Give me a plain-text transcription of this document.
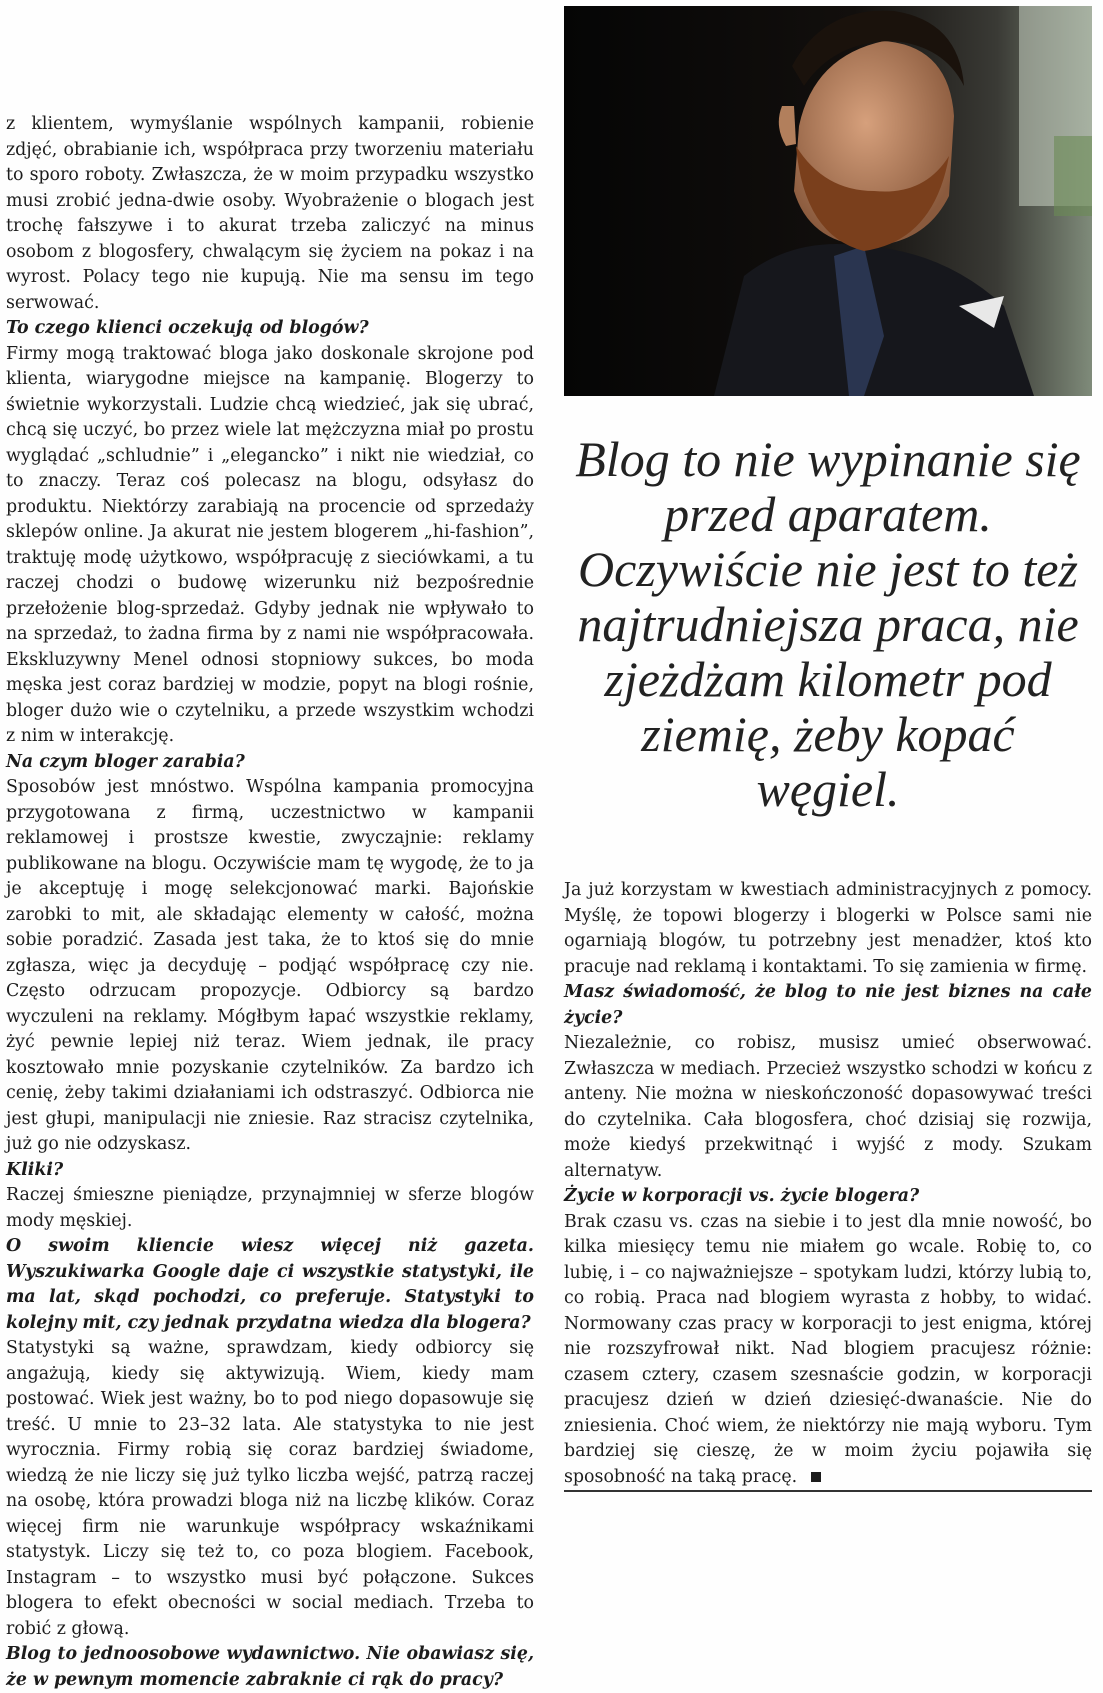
z klientem, wymyślanie wspólnych kampanii, robienie zdjęć, obrabianie ich, współpraca przy tworzeniu materiału to sporo roboty. Zwłaszcza, że w moim przypadku wszystko musi zrobić jedna-dwie osoby. Wyobrażenie o blogach jest trochę fałszywe i to akurat trzeba zaliczyć na minus osobom z blogosfery, chwalącym się życiem na pokaz i na wyrost. Polacy tego nie kupują. Nie ma sensu im tego serwować.

To czego klienci oczekują od blogów?

Firmy mogą traktować bloga jako doskonale skrojone pod klienta, wiarygodne miejsce na kampanię. Blogerzy to świetnie wykorzystali. Ludzie chcą wiedzieć, jak się ubrać, chcą się uczyć, bo przez wiele lat mężczyzna miał po prostu wyglądać „schludnie” i „elegancko” i nikt nie wiedział, co to znaczy. Teraz coś polecasz na blogu, odsyłasz do produktu. Niektórzy zarabiają na procencie od sprzedaży sklepów online. Ja akurat nie jestem blogerem „hi-fashion”, traktuję modę użytkowo, współpracuję z sieciówkami, a tu raczej chodzi o budowę wizerunku niż bezpośrednie przełożenie blog-sprzedaż. Gdyby jednak nie wpływało to na sprzedaż, to żadna firma by z nami nie współpracowała. Ekskluzywny Menel odnosi stopniowy sukces, bo moda męska jest coraz bardziej w modzie, popyt na blogi rośnie, bloger dużo wie o czytelniku, a przede wszystkim wchodzi z nim w interakcję.

Na czym bloger zarabia?

Sposobów jest mnóstwo. Wspólna kampania promocyjna przygotowana z firmą, uczestnictwo w kampanii reklamowej i prostsze kwestie, zwyczajnie: reklamy publikowane na blogu. Oczywiście mam tę wygodę, że to ja je akceptuję i mogę selekcjonować marki. Bajońskie zarobki to mit, ale składając elementy w całość, można sobie poradzić. Zasada jest taka, że to ktoś się do mnie zgłasza, więc ja decyduję – podjąć współpracę czy nie. Często odrzucam propozycje. Odbiorcy są bardzo wyczuleni na reklamy. Mógłbym łapać wszystkie reklamy, żyć pewnie lepiej niż teraz. Wiem jednak, ile pracy kosztowało mnie pozyskanie czytelników. Za bardzo ich cenię, żeby takimi działaniami ich odstraszyć. Odbiorca nie jest głupi, manipulacji nie zniesie. Raz stracisz czytelnika, już go nie odzyskasz.

Kliki?

Raczej śmieszne pieniądze, przynajmniej w sferze blogów mody męskiej.

O swoim kliencie wiesz więcej niż gazeta. Wyszukiwarka Google daje ci wszystkie statystyki, ile ma lat, skąd pochodzi, co preferuje. Statystyki to kolejny mit, czy jednak przydatna wiedza dla blogera?

Statystyki są ważne, sprawdzam, kiedy odbiorcy się angażują, kiedy się aktywizują. Wiem, kiedy mam postować. Wiek jest ważny, bo to pod niego dopasowuje się treść. U mnie to 23–32 lata. Ale statystyka to nie jest wyrocznia. Firmy robią się coraz bardziej świadome, wiedzą że nie liczy się już tylko liczba wejść, patrzą raczej na osobę, która prowadzi bloga niż na liczbę klików. Coraz więcej firm nie warunkuje współpracy wskaźnikami statystyk. Liczy się też to, co poza blogiem. Facebook, Instagram – to wszystko musi być połączone. Sukces blogera to efekt obecności w social mediach. Trzeba to robić z głową.

Blog to jednoosobowe wydawnictwo. Nie obawiasz się, że w pewnym momencie zabraknie ci rąk do pracy?

Blog to nie wypinanie się przed aparatem. Oczywiście nie jest to też najtrudniejsza praca, nie zjeżdżam kilometr pod ziemię, żeby kopać węgiel.

Ja już korzystam w kwestiach administracyjnych z pomocy. Myślę, że topowi blogerzy i blogerki w Polsce sami nie ogarniają blogów, tu potrzebny jest menadżer, ktoś kto pracuje nad reklamą i kontaktami. To się zamienia w firmę.

Masz świadomość, że blog to nie jest biznes na całe życie?

Niezależnie, co robisz, musisz umieć obserwować. Zwłaszcza w mediach. Przecież wszystko schodzi w końcu z anteny. Nie można w nieskończoność dopasowywać treści do czytelnika. Cała blogosfera, choć dzisiaj się rozwija, może kiedyś przekwitnąć i wyjść z mody. Szukam alternatyw.

Życie w korporacji vs. życie blogera?

Brak czasu vs. czas na siebie i to jest dla mnie nowość, bo kilka miesięcy temu nie miałem go wcale. Robię to, co lubię, i – co najważniejsze – spotykam ludzi, którzy lubią to, co robią. Praca nad blogiem wyrasta z hobby, to widać. Normowany czas pracy w korporacji to jest enigma, której nie rozszyfrował nikt. Nad blogiem pracujesz różnie: czasem cztery, czasem szesnaście godzin, w korporacji pracujesz dzień w dzień dziesięć-dwanaście. Nie do zniesienia. Choć wiem, że niektórzy nie mają wyboru. Tym bardziej się cieszę, że w moim życiu pojawiła się sposobność na taką pracę.
